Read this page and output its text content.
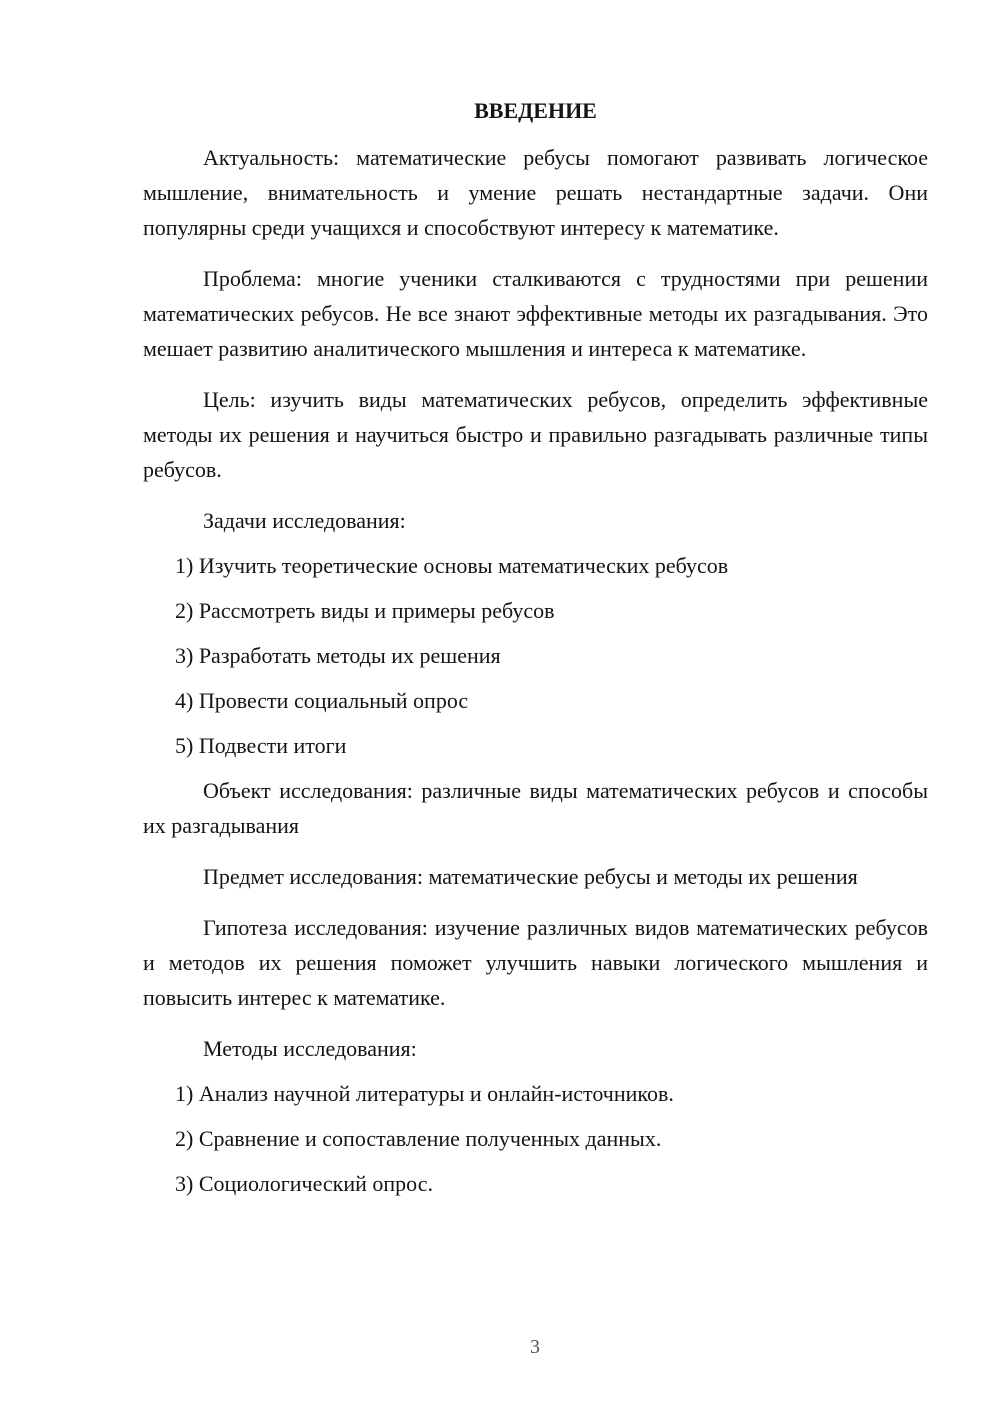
ВВЕДЕНИЕ

Актуальность: математические ребусы помогают развивать логическое мышление, внимательность и умение решать нестандартные задачи. Они популярны среди учащихся и способствуют интересу к математике.

Проблема: многие ученики сталкиваются с трудностями при решении математических ребусов. Не все знают эффективные методы их разгадывания. Это мешает развитию аналитического мышления и интереса к математике.

Цель: изучить виды математических ребусов, определить эффективные методы их решения и научиться быстро и правильно разгадывать различные типы ребусов.

Задачи исследования:
1) Изучить теоретические основы математических ребусов
2) Рассмотреть виды и примеры ребусов
3) Разработать методы их решения
4) Провести социальный опрос
5) Подвести итоги

Объект исследования: различные виды математических ребусов и способы их разгадывания

Предмет исследования: математические ребусы и методы их решения

Гипотеза исследования: изучение различных видов математических ребусов и методов их решения поможет улучшить навыки логического мышления и повысить интерес к математике.

Методы исследования:
1) Анализ научной литературы и онлайн-источников.
2) Сравнение и сопоставление полученных данных.
3) Социологический опрос.
3
